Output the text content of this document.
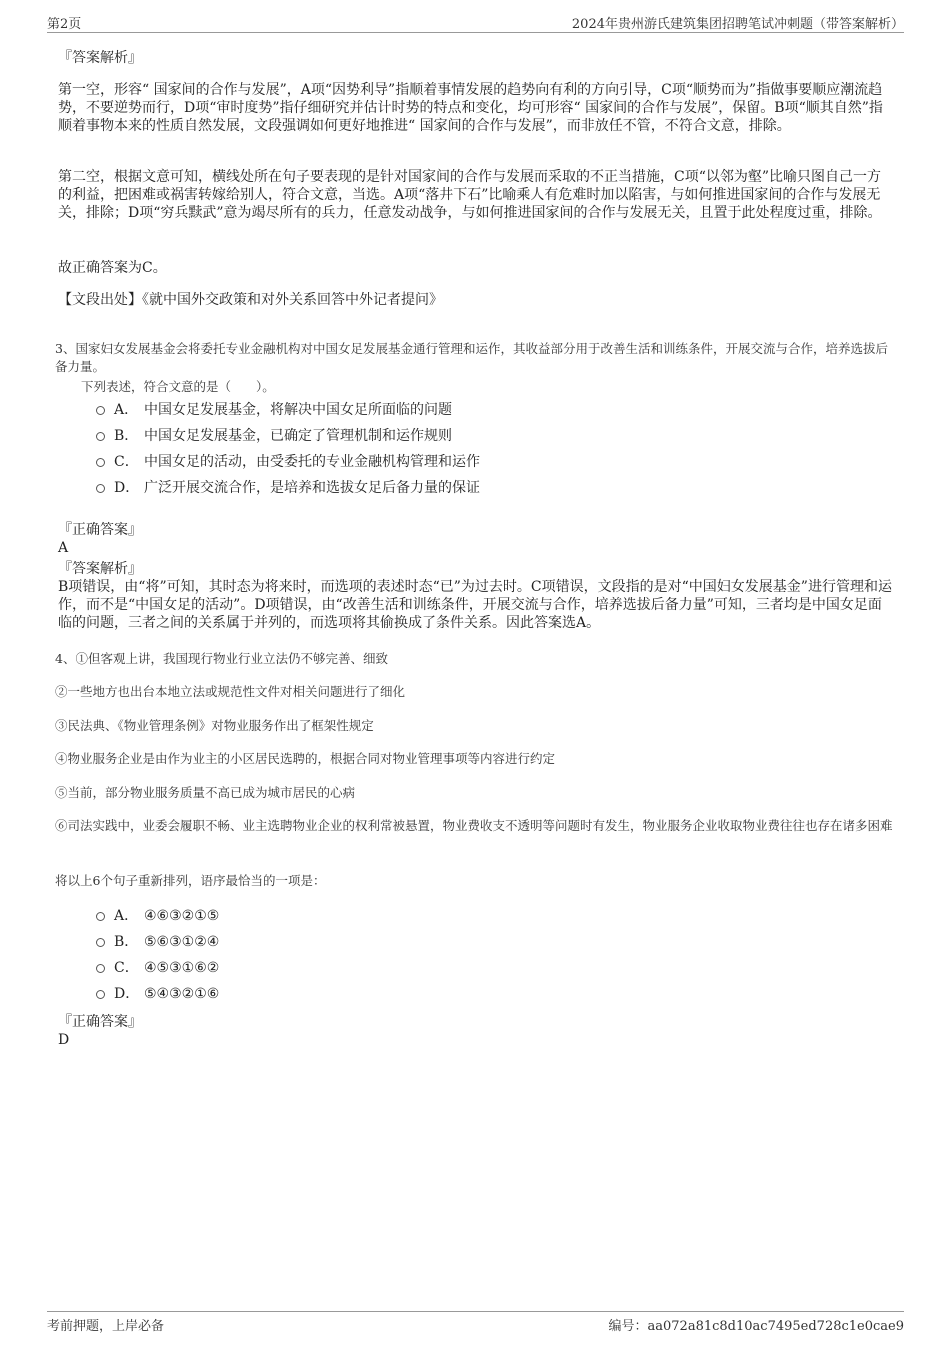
第2页	2024年贵州游氏建筑集团招聘笔试冲刺题（带答案解析）

『答案解析』

第一空，形容“ 国家间的合作与发展”，A项“因势利导”指顺着事情发展的趋势向有利的方向引导，C项“顺势而为”指做事要顺应潮流趋势，不要逆势而行，D项“审时度势”指仔细研究并估计时势的特点和变化，均可形容“ 国家间的合作与发展”，保留。B项“顺其自然”指顺着事物本来的性质自然发展，文段强调如何更好地推进“ 国家间的合作与发展”，而非放任不管，不符合文意，排除。

第二空，根据文意可知，横线处所在句子要表现的是针对国家间的合作与发展而采取的不正当措施，C项“以邻为壑”比喻只图自己一方的利益，把困难或祸害转嫁给别人，符合文意，当选。A项“落井下石”比喻乘人有危难时加以陷害，与如何推进国家间的合作与发展无关，排除；D项“穷兵黩武”意为竭尽所有的兵力，任意发动战争，与如何推进国家间的合作与发展无关，且置于此处程度过重，排除。

故正确答案为C。

【文段出处】《就中国外交政策和对外关系回答中外记者提问》

3、国家妇女发展基金会将委托专业金融机构对中国女足发展基金通行管理和运作，其收益部分用于改善生活和训练条件，开展交流与合作，培养选拔后备力量。

下列表述，符合文意的是（　　）。

A． 中国女足发展基金，将解决中国女足所面临的问题
B． 中国女足发展基金，已确定了管理机制和运作规则
C． 中国女足的活动，由受委托的专业金融机构管理和运作
D． 广泛开展交流合作，是培养和选拔女足后备力量的保证

『正确答案』

A

『答案解析』

B项错误，由“将”可知，其时态为将来时，而选项的表述时态“已”为过去时。C项错误，文段指的是对“中国妇女发展基金”进行管理和运作，而不是“中国女足的活动”。D项错误，由“改善生活和训练条件，开展交流与合作，培养选拔后备力量”可知，三者均是中国女足面临的问题，三者之间的关系属于并列的，而选项将其偷换成了条件关系。因此答案选A。

4、①但客观上讲，我国现行物业行业立法仍不够完善、细致

②一些地方也出台本地立法或规范性文件对相关问题进行了细化

③民法典、《物业管理条例》对物业服务作出了框架性规定

④物业服务企业是由作为业主的小区居民选聘的，根据合同对物业管理事项等内容进行约定

⑤当前，部分物业服务质量不高已成为城市居民的心病

⑥司法实践中，业委会履职不畅、业主选聘物业企业的权利常被悬置，物业费收支不透明等问题时有发生，物业服务企业收取物业费往往也存在诸多困难

将以上6个句子重新排列，语序最恰当的一项是：

A． ④⑥③②①⑤
B． ⑤⑥③①②④
C． ④⑤③①⑥②
D． ⑤④③②①⑥

『正确答案』

D

考前押题，上岸必备	编号：aa072a81c8d10ac7495ed728c1e0cae9
